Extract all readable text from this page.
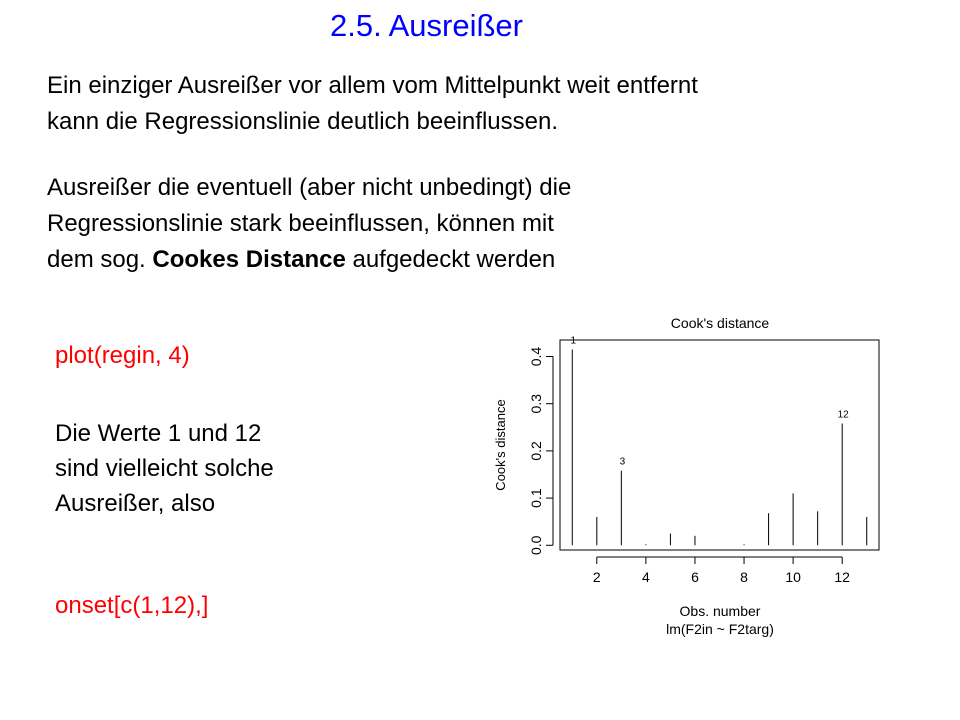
2.5. Ausreißer
Ein einziger Ausreißer vor allem vom Mittelpunkt weit entfernt
kann die Regressionslinie deutlich beeinflussen.
Ausreißer die eventuell (aber nicht unbedingt) die
Regressionslinie stark beeinflussen, können mit
dem sog. Cookes Distance aufgedeckt werden
plot(regin, 4)
Die Werte 1 und 12
sind vielleicht solche
Ausreißer, also
onset[c(1,12),]
Cook's distance
Cook's distance
Obs. number
lm(F2in ~ F2targ)
1
3
12
2	4	6	8	10 12
0.0
0.1
0.2
0.3
0.4
